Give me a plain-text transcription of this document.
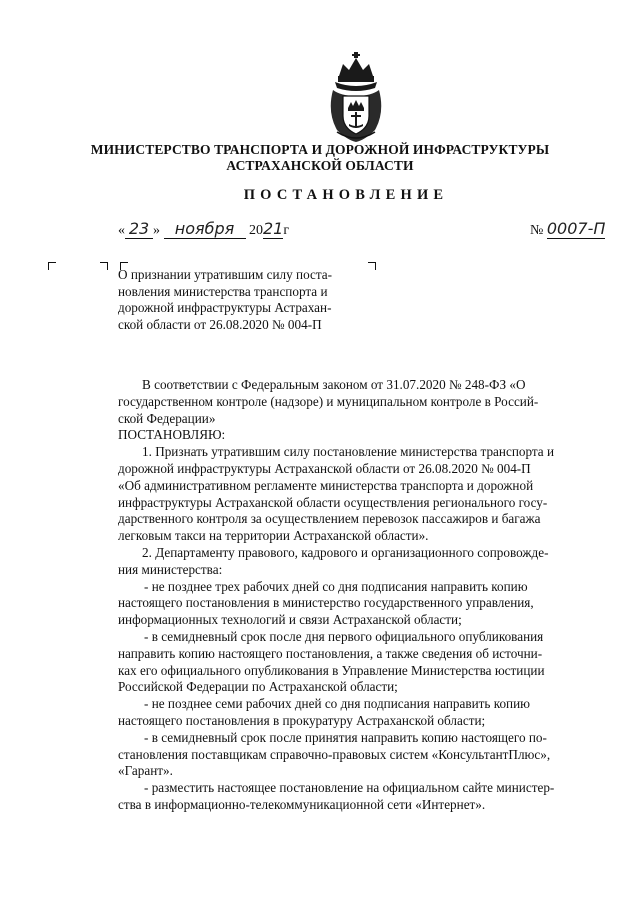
МИНИСТЕРСТВО ТРАНСПОРТА И ДОРОЖНОЙ ИНФРАСТРУКТУРЫ
АСТРАХАНСКОЙ ОБЛАСТИ
ПОСТАНОВЛЕНИЕ
« 23 » ноября 2021г	№ 0007-П
О признании утратившим силу поста-
новления министерства транспорта и
дорожной инфраструктуры Астрахан-
ской области от 26.08.2020 № 004-П
В соответствии с Федеральным законом от 31.07.2020 № 248-ФЗ «О
государственном контроле (надзоре) и муниципальном контроле в Россий-
ской Федерации»
ПОСТАНОВЛЯЮ:
1. Признать утратившим силу постановление министерства транспорта и
дорожной инфраструктуры Астраханской области от 26.08.2020 № 004-П
«Об административном регламенте министерства транспорта и дорожной
инфраструктуры Астраханской области осуществления регионального госу-
дарственного контроля за осуществлением перевозок пассажиров и багажа
легковым такси на территории Астраханской области».
2. Департаменту правового, кадрового и организационного сопровожде-
ния министерства:
- не позднее трех рабочих дней со дня подписания направить копию
настоящего постановления в министерство государственного управления,
информационных технологий и связи Астраханской области;
- в семидневный срок после дня первого официального опубликования
направить копию настоящего постановления, а также сведения об источни-
ках его официального опубликования в Управление Министерства юстиции
Российской Федерации по Астраханской области;
- не позднее семи рабочих дней со дня подписания направить копию
настоящего постановления в прокуратуру Астраханской области;
- в семидневный срок после принятия направить копию настоящего по-
становления поставщикам справочно-правовых систем «КонсультантПлюс»,
«Гарант».
- разместить настоящее постановление на официальном сайте министер-
ства в информационно-телекоммуникационной сети «Интернет».
